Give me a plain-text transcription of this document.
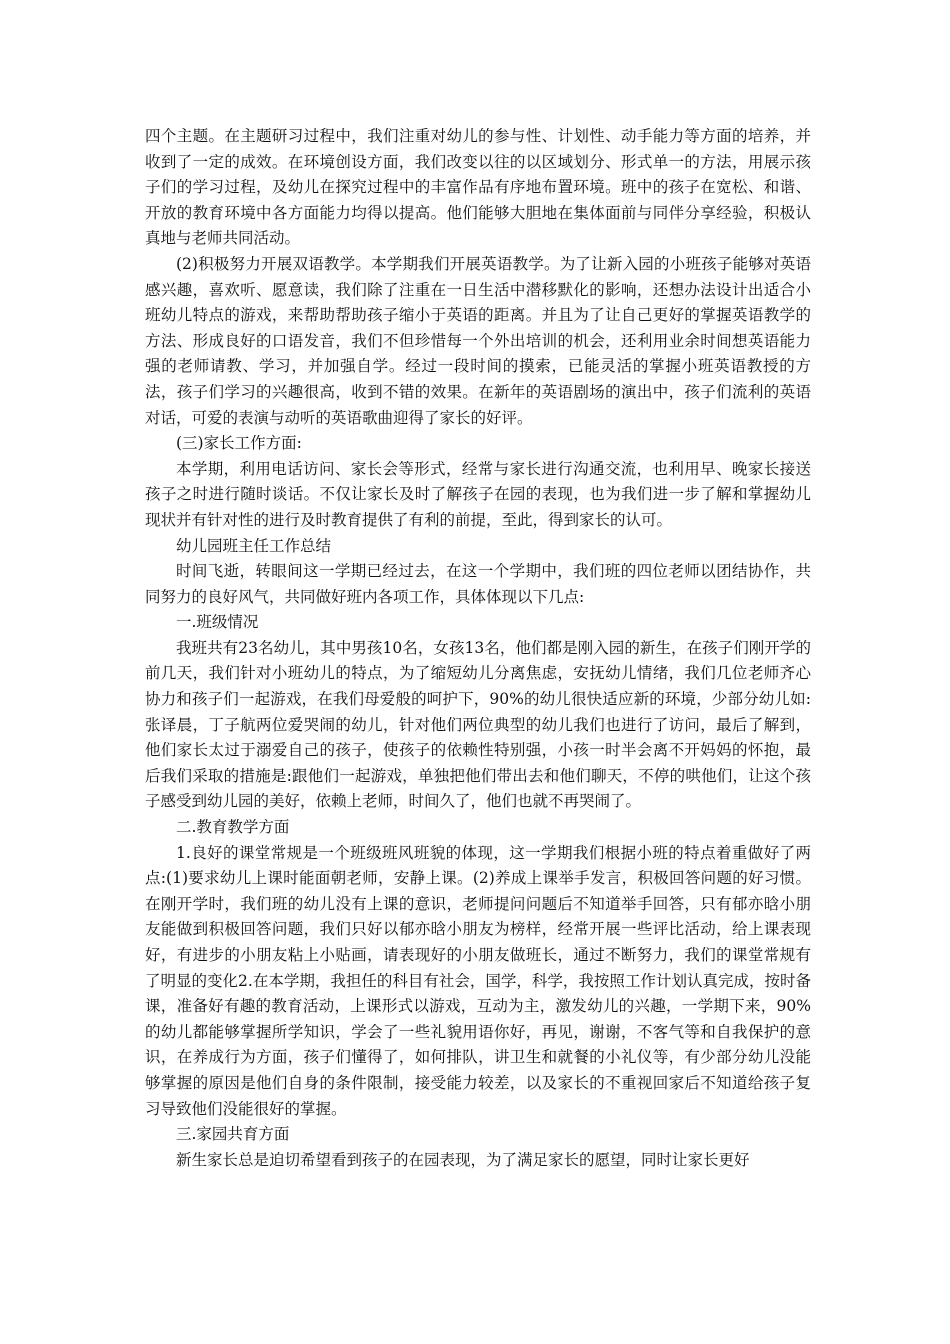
四个主题。在主题研习过程中，我们注重对幼儿的参与性、计划性、动手能力等方面的培养，并收到了一定的成效。在环境创设方面，我们改变以往的以区域划分、形式单一的方法，用展示孩子们的学习过程，及幼儿在探究过程中的丰富作品有序地布置环境。班中的孩子在宽松、和谐、开放的教育环境中各方面能力均得以提高。他们能够大胆地在集体面前与同伴分享经验，积极认真地与老师共同活动。

(2)积极努力开展双语教学。本学期我们开展英语教学。为了让新入园的小班孩子能够对英语感兴趣，喜欢听、愿意读，我们除了注重在一日生活中潜移默化的影响，还想办法设计出适合小班幼儿特点的游戏，来帮助帮助孩子缩小于英语的距离。并且为了让自己更好的掌握英语教学的方法、形成良好的口语发音，我们不但珍惜每一个外出培训的机会，还利用业余时间想英语能力强的老师请教、学习，并加强自学。经过一段时间的摸索，已能灵活的掌握小班英语教授的方法，孩子们学习的兴趣很高，收到不错的效果。在新年的英语剧场的演出中，孩子们流利的英语对话，可爱的表演与动听的英语歌曲迎得了家长的好评。

(三)家长工作方面:

本学期，利用电话访问、家长会等形式，经常与家长进行沟通交流，也利用早、晚家长接送孩子之时进行随时谈话。不仅让家长及时了解孩子在园的表现，也为我们进一步了解和掌握幼儿现状并有针对性的进行及时教育提供了有利的前提，至此，得到家长的认可。

幼儿园班主任工作总结

时间飞逝，转眼间这一学期已经过去，在这一个学期中，我们班的四位老师以团结协作，共同努力的良好风气，共同做好班内各项工作，具体体现以下几点:

一.班级情况

我班共有23名幼儿，其中男孩10名，女孩13名，他们都是刚入园的新生，在孩子们刚开学的前几天，我们针对小班幼儿的特点，为了缩短幼儿分离焦虑，安抚幼儿情绪，我们几位老师齐心协力和孩子们一起游戏，在我们母爱般的呵护下，90%的幼儿很快适应新的环境，少部分幼儿如:张译晨，丁子航两位爱哭闹的幼儿，针对他们两位典型的幼儿我们也进行了访问，最后了解到，他们家长太过于溺爱自己的孩子，使孩子的依赖性特别强，小孩一时半会离不开妈妈的怀抱，最后我们采取的措施是:跟他们一起游戏，单独把他们带出去和他们聊天，不停的哄他们，让这个孩子感受到幼儿园的美好，依赖上老师，时间久了，他们也就不再哭闹了。

二.教育教学方面

1.良好的课堂常规是一个班级班风班貌的体现，这一学期我们根据小班的特点着重做好了两点:(1)要求幼儿上课时能面朝老师，安静上课。(2)养成上课举手发言，积极回答问题的好习惯。在刚开学时，我们班的幼儿没有上课的意识，老师提问问题后不知道举手回答，只有郁亦晗小朋友能做到积极回答问题，我们只好以郁亦晗小朋友为榜样，经常开展一些评比活动，给上课表现好，有进步的小朋友粘上小贴画，请表现好的小朋友做班长，通过不断努力，我们的课堂常规有了明显的变化2.在本学期，我担任的科目有社会，国学，科学，我按照工作计划认真完成，按时备课，准备好有趣的教育活动，上课形式以游戏，互动为主，激发幼儿的兴趣，一学期下来，90%的幼儿都能够掌握所学知识，学会了一些礼貌用语你好，再见，谢谢，不客气等和自我保护的意识，在养成行为方面，孩子们懂得了，如何排队，讲卫生和就餐的小礼仪等，有少部分幼儿没能够掌握的原因是他们自身的条件限制，接受能力较差，以及家长的不重视回家后不知道给孩子复习导致他们没能很好的掌握。

三.家园共育方面

新生家长总是迫切希望看到孩子的在园表现，为了满足家长的愿望，同时让家长更好
